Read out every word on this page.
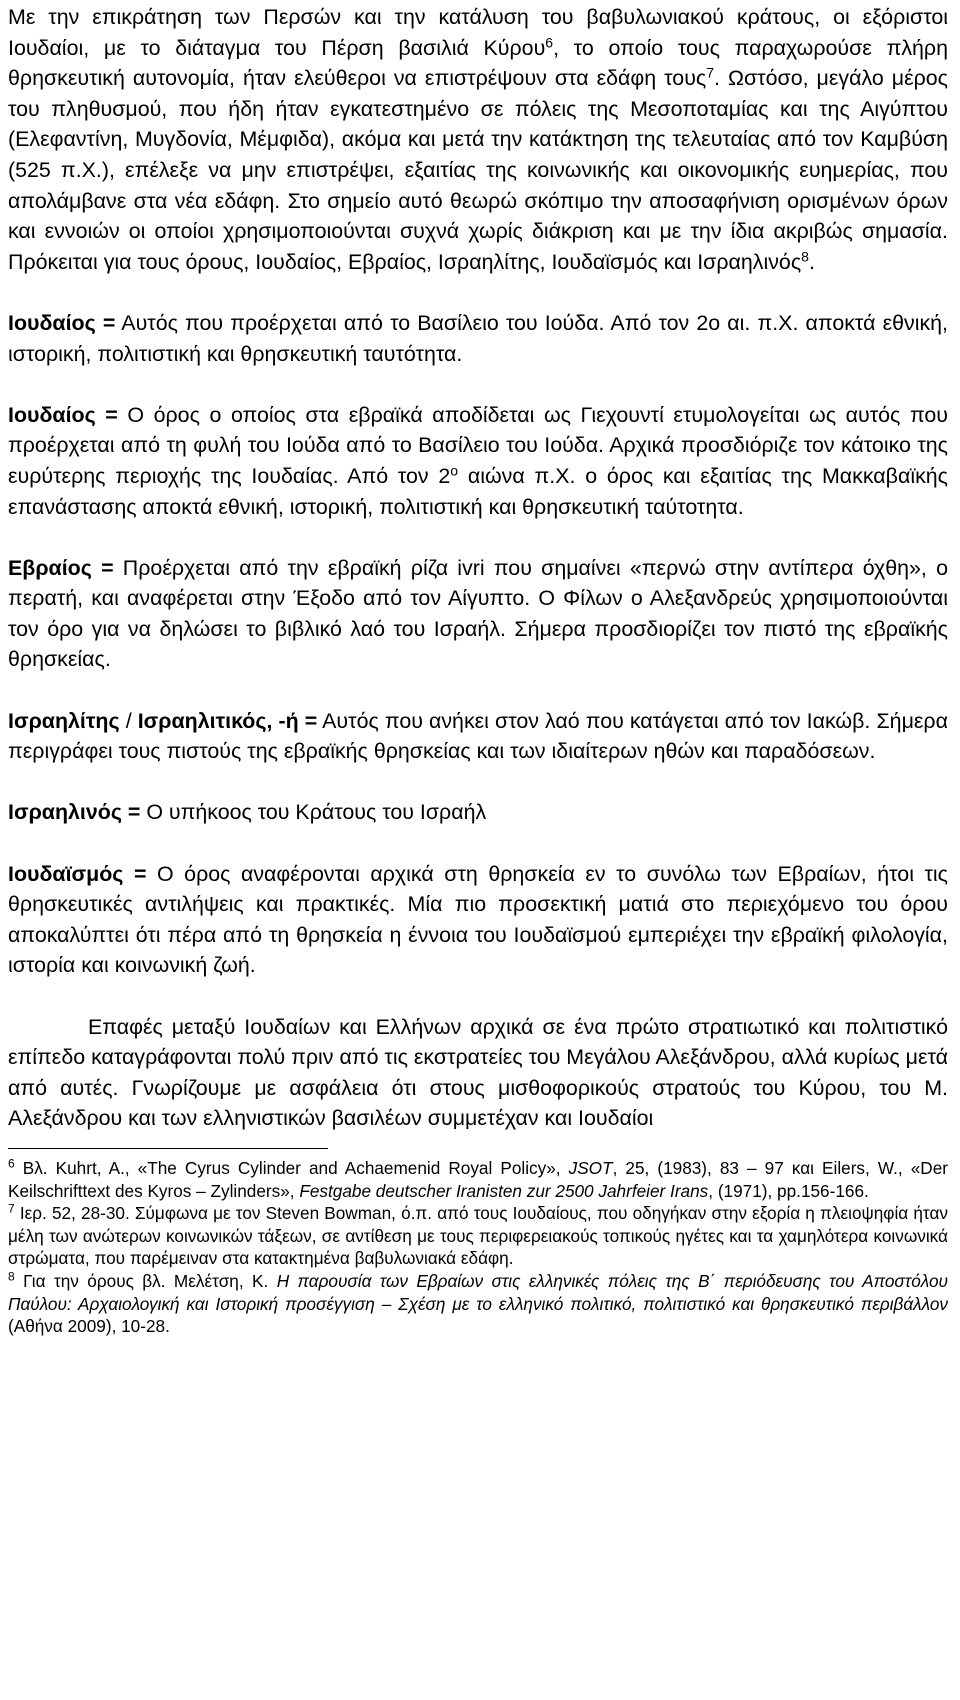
Με την επικράτηση των Περσών και την κατάλυση του βαβυλωνιακού κράτους, οι εξόριστοι Ιουδαίοι, με το διάταγμα του Πέρση βασιλιά Κύρου$^6$, το οποίο τους παραχωρούσε πλήρη θρησκευτική αυτονομία, ήταν ελεύθεροι να επιστρέψουν στα εδάφη τους$^7$. Ωστόσο, μεγάλο μέρος του πληθυσμού, που ήδη ήταν εγκατεστημένο σε πόλεις της Μεσοποταμίας και της Αιγύπτου (Ελεφαντίνη, Μυγδονία, Μέμφιδα), ακόμα και μετά την κατάκτηση της τελευταίας από τον Καμβύση (525 π.Χ.), επέλεξε να μην επιστρέψει, εξαιτίας της κοινωνικής και οικονομικής ευημερίας, που απολάμβανε στα νέα εδάφη. Στο σημείο αυτό θεωρώ σκόπιμο την αποσαφήνιση ορισμένων όρων και εννοιών οι οποίοι χρησιμοποιούνται συχνά χωρίς διάκριση και με την ίδια ακριβώς σημασία. Πρόκειται για τους όρους, Ιουδαίος, Εβραίος, Ισραηλίτης, Ιουδαϊσμός και Ισραηλινός$^8$.

Ιουδαίος = Αυτός που προέρχεται από το Βασίλειο του Ιούδα. Από τον 2ο αι. π.Χ. αποκτά εθνική, ιστορική, πολιτιστική και θρησκευτική ταυτότητα.

Ιουδαίος = Ο όρος ο οποίος στα εβραϊκά αποδίδεται ως Γιεχουντί ετυμολογείται ως αυτός που προέρχεται από τη φυλή του Ιούδα από το Βασίλειο του Ιούδα. Αρχικά προσδιόριζε τον κάτοικο της ευρύτερης περιοχής της Ιουδαίας. Από τον $2^o$ αιώνα π.Χ. ο όρος και εξαιτίας της Μακκαβαϊκής επανάστασης αποκτά εθνική, ιστορική, πολιτιστική και θρησκευτική ταύτοτητα.

Εβραίος = Προέρχεται από την εβραϊκή ρίζα ivri που σημαίνει «περνώ στην αντίπερα όχθη», ο περατή, και αναφέρεται στην Έξοδο από τον Αίγυπτο. Ο Φίλων ο Αλεξανδρεύς χρησιμοποιούνται τον όρο για να δηλώσει το βιβλικό λαό του Ισραήλ. Σήμερα προσδιορίζει τον πιστό της εβραϊκής θρησκείας.

Ισραηλίτης / Ισραηλιτικός, -ή = Αυτός που ανήκει στον λαό που κατάγεται από τον Ιακώβ. Σήμερα περιγράφει τους πιστούς της εβραϊκής θρησκείας και των ιδιαίτερων ηθών και παραδόσεων.

Ισραηλινός = Ο υπήκοος του Κράτους του Ισραήλ

Ιουδαϊσμός = Ο όρος αναφέρονται αρχικά στη θρησκεία εν το συνόλω των Εβραίων, ήτοι τις θρησκευτικές αντιλήψεις και πρακτικές. Μία πιο προσεκτική ματιά στο περιεχόμενο του όρου αποκαλύπτει ότι πέρα από τη θρησκεία η έννοια του Ιουδαϊσμού εμπεριέχει την εβραϊκή φιλολογία, ιστορία και κοινωνική ζωή.

Επαφές μεταξύ Ιουδαίων και Ελλήνων αρχικά σε ένα πρώτο στρατιωτικό και πολιτιστικό επίπεδο καταγράφονται πολύ πριν από τις εκστρατείες του Μεγάλου Αλεξάνδρου, αλλά κυρίως μετά από αυτές. Γνωρίζουμε με ασφάλεια ότι στους μισθοφορικούς στρατούς του Κύρου, του Μ. Αλεξάνδρου και των ελληνιστικών βασιλέων συμμετέχαν και Ιουδαίοι

$^6$ Βλ. Kuhrt, A., «The Cyrus Cylinder and Achaemenid Royal Policy», JSOT, 25, (1983), 83 – 97 και Eilers, W., «Der Keilschrifttext des Kyros – Zylinders», Festgabe deutscher Iranisten zur 2500 Jahrfeier Irans, (1971), pp.156-166.

$^7$ Ιερ. 52, 28-30. Σύμφωνα με τον Steven Bowman, ό.π. από τους Ιουδαίους, που οδηγήκαν στην εξορία η πλειοψηφία ήταν μέλη των ανώτερων κοινωνικών τάξεων, σε αντίθεση με τους περιφερειακούς τοπικούς ηγέτες και τα χαμηλότερα κοινωνικά στρώματα, που παρέμειναν στα κατακτημένα βαβυλωνιακά εδάφη.

$^8$ Για την όρους βλ. Μελέτση, Κ. Η παρουσία των Εβραίων στις ελληνικές πόλεις της Β΄ περιόδευσης του Αποστόλου Παύλου: Αρχαιολογική και Ιστορική προσέγγιση – Σχέση με το ελληνικό πολιτικό, πολιτιστικό και θρησκευτικό περιβάλλον (Αθήνα 2009), 10-28.
